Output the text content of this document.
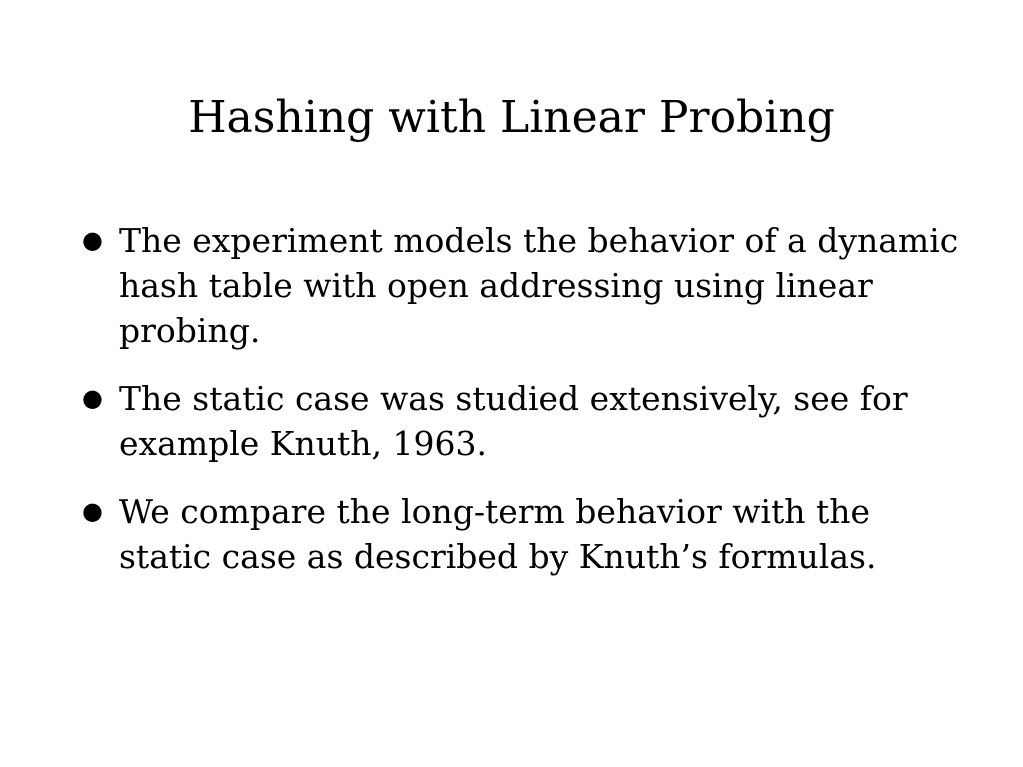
Hashing with Linear Probing
● The experiment models the behavior of a dynamic hash table with open addressing using linear probing.
● The static case was studied extensively, see for example Knuth, 1963.
● We compare the long-term behavior with the static case as described by Knuth’s formulas.
